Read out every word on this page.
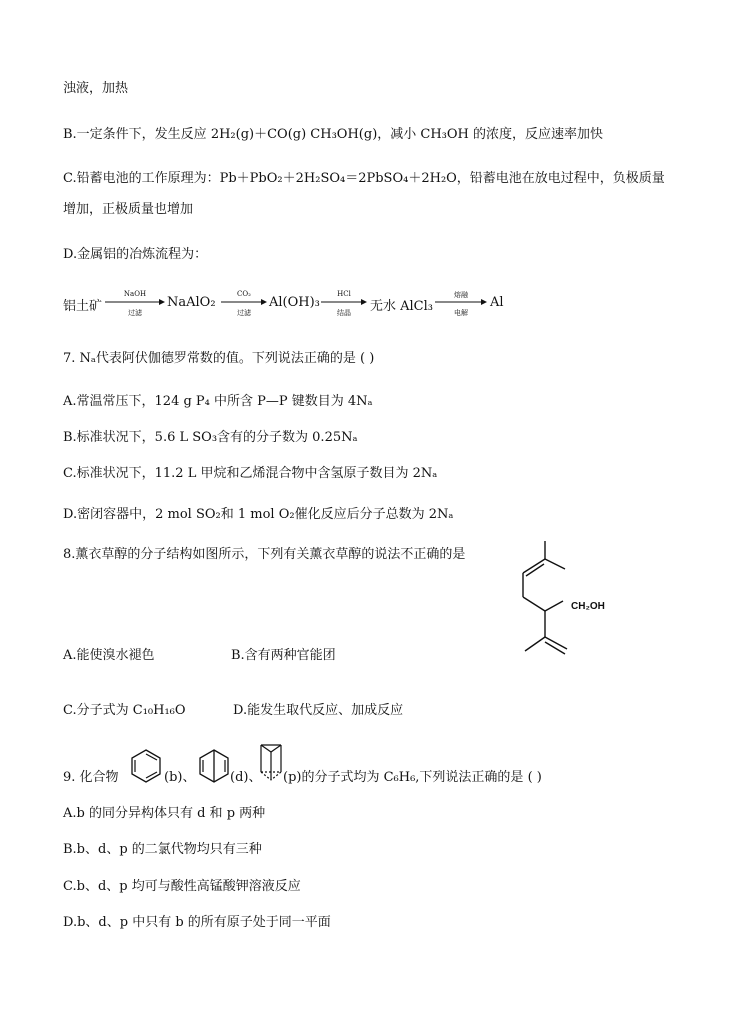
浊液，加热
B.一定条件下，发生反应 2H₂(g)＋CO(g) CH₃OH(g)，减小 CH₃OH 的浓度，反应速率加快
C.铅蓄电池的工作原理为：Pb＋PbO₂＋2H₂SO₄＝2PbSO₄＋2H₂O，铅蓄电池在放电过程中，负极质量
增加，正极质量也增加
D.金属铝的冶炼流程为：
铝土矿
NaOH
过滤
NaAlO₂
CO₂
过滤
Al(OH)₃
HCl
结晶	无水 AlCl₃
熔融
电解
Al
7. Nₐ代表阿伏伽德罗常数的值。下列说法正确的是 ( )
A.常温常压下，124 g P₄ 中所含 P—P 键数目为 4Nₐ
B.标准状况下，5.6 L SO₃含有的分子数为 0.25Nₐ
C.标准状况下，11.2 L 甲烷和乙烯混合物中含氢原子数目为 2Nₐ
D.密闭容器中，2 mol SO₂和 1 mol O₂催化反应后分子总数为 2Nₐ
8.薰衣草醇的分子结构如图所示，下列有关薰衣草醇的说法不正确的是
CH₂OH
A.能使溴水褪色	B.含有两种官能团
C.分子式为 C₁₀H₁₆O	D.能发生取代反应、加成反应
9. 化合物	(b)、	(d)、 (p)的分子式均为 C₆H₆,下列说法正确的是 ( )
A.b 的同分异构体只有 d 和 p 两种
B.b、d、p 的二氯代物均只有三种
C.b、d、p 均可与酸性高锰酸钾溶液反应
D.b、d、p 中只有 b 的所有原子处于同一平面
